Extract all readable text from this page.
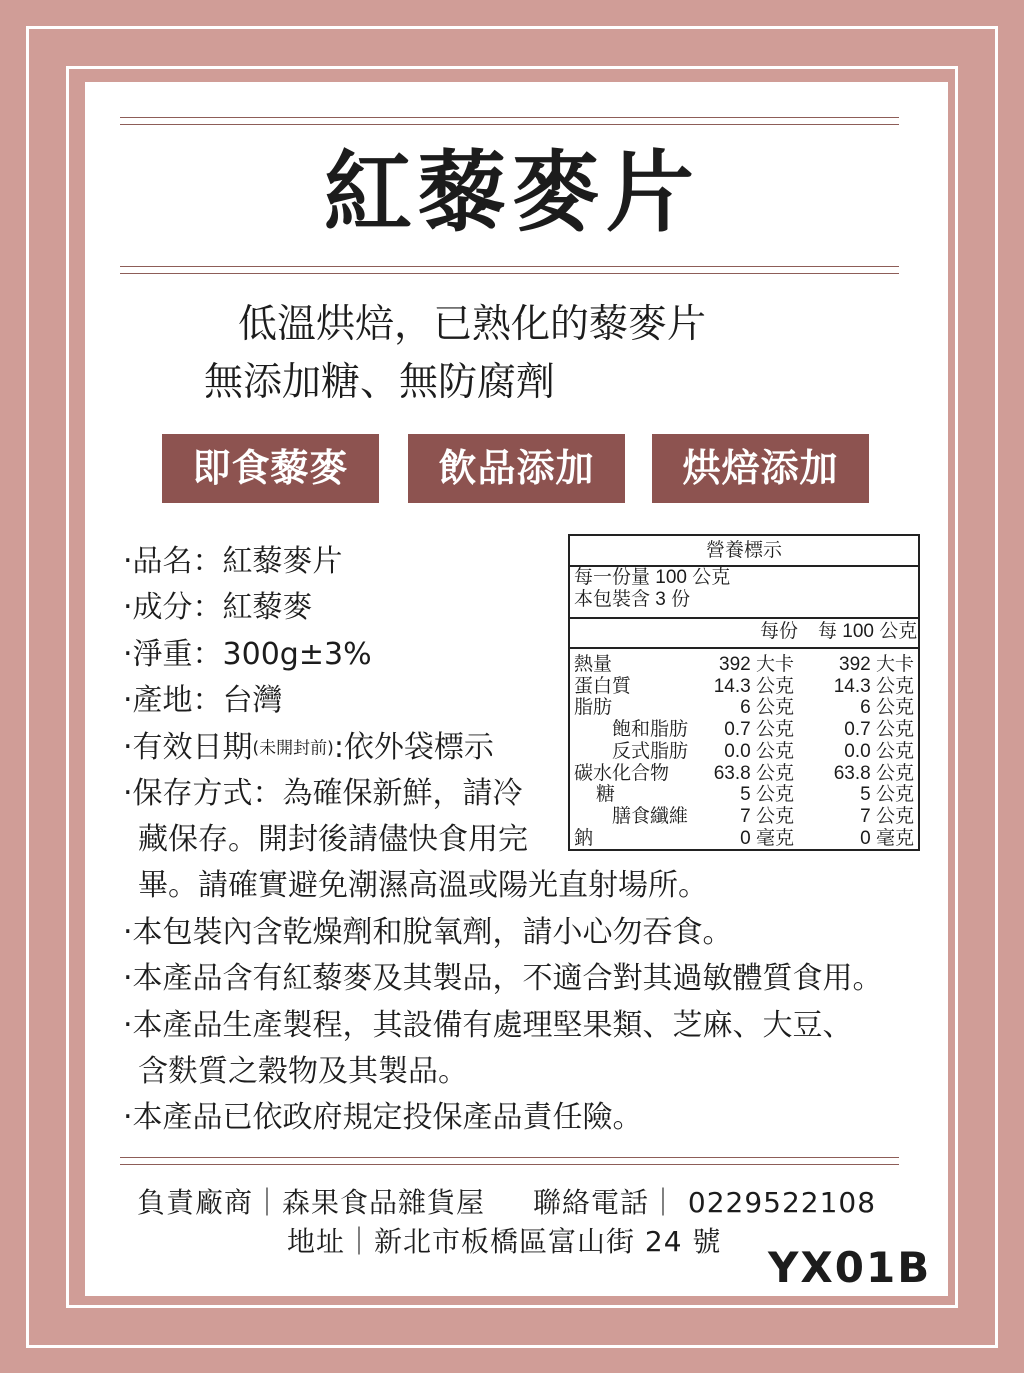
紅藜麥片
低溫烘焙，已熟化的藜麥片
無添加糖、無防腐劑
即食藜麥	飲品添加	烘焙添加
‧品名：紅藜麥片
‧成分：紅藜麥
‧淨重：300g±3%
‧產地：台灣
‧有效日期(未開封前):依外袋標示
‧保存方式：為確保新鮮，請冷
藏保存。開封後請儘快食用完
畢。請確實避免潮濕高溫或陽光直射場所。
‧本包裝內含乾燥劑和脫氧劑，請小心勿吞食。
‧本產品含有紅藜麥及其製品，不適合對其過敏體質食用。
‧本產品生產製程，其設備有處理堅果類、芝麻、大豆、
含麩質之穀物及其製品。
‧本產品已依政府規定投保產品責任險。
營養標示
每一份量 100 公克
本包裝含 3 份
每份 每 100 公克
熱量	392 大卡 392 大卡
蛋白質	14.3 公克 14.3 公克
脂肪	6 公克	6 公克
飽和脂肪 0.7 公克	0.7 公克
反式脂肪 0.0 公克	0.0 公克
碳水化合物 63.8 公克 63.8 公克
糖	5 公克	5 公克
膳食纖維	7 公克	7 公克
鈉	0 毫克	0 毫克
負責廠商｜森果食品雜貨屋 聯絡電話｜ 0229522108
地址｜新北市板橋區富山街 24 號
YX01B
